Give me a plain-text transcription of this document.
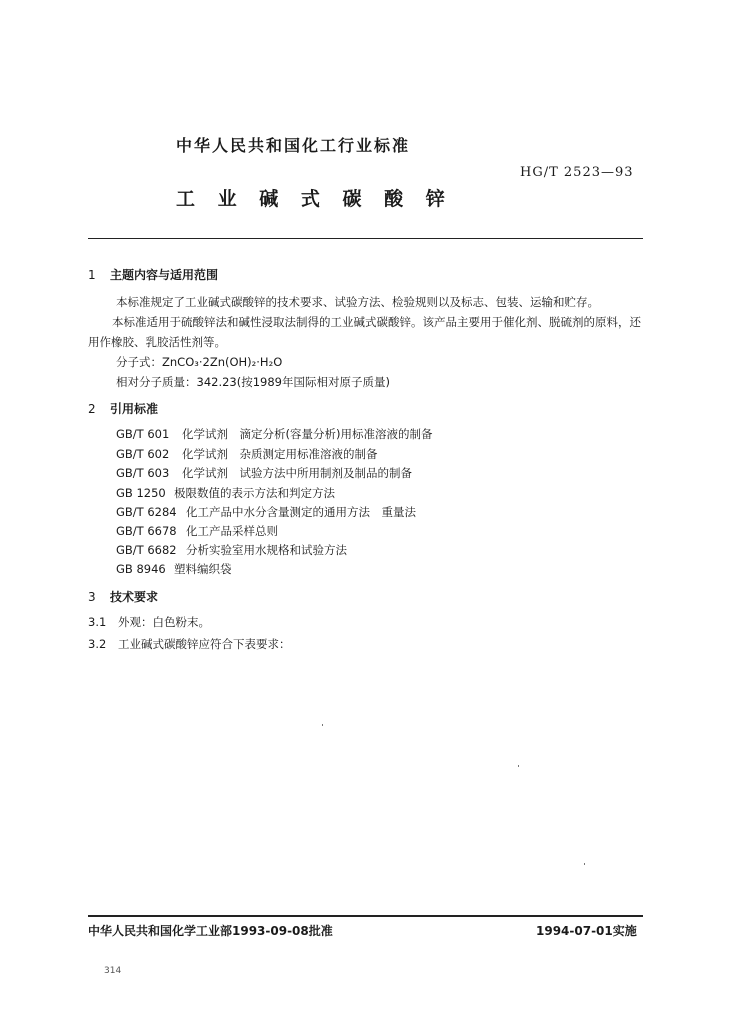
中华人民共和国化工行业标准
HG/T 2523—93
工 业 碱 式 碳 酸 锌
1 主题内容与适用范围

本标准规定了工业碱式碳酸锌的技术要求、试验方法、检验规则以及标志、包装、运输和贮存。

本标准适用于硫酸锌法和碱性浸取法制得的工业碱式碳酸锌。该产品主要用于催化剂、脱硫剂的原料，还用作橡胶、乳胶活性剂等。

分子式：ZnCO₃·2Zn(OH)₂·H₂O

相对分子质量：342.23(按1989年国际相对原子质量)

2 引用标准
GB/T 601 化学试剂　滴定分析(容量分析)用标准溶液的制备
GB/T 602 化学试剂　杂质测定用标准溶液的制备
GB/T 603 化学试剂　试验方法中所用制剂及制品的制备
GB 1250 极限数值的表示方法和判定方法
GB/T 6284 化工产品中水分含量测定的通用方法　重量法
GB/T 6678 化工产品采样总则
GB/T 6682 分析实验室用水规格和试验方法
GB 8946 塑料编织袋
3 技术要求
3.1 外观：白色粉末。
3.2 工业碱式碳酸锌应符合下表要求：
中华人民共和国化学工业部1993-09-08批准	1994-07-01实施
314
